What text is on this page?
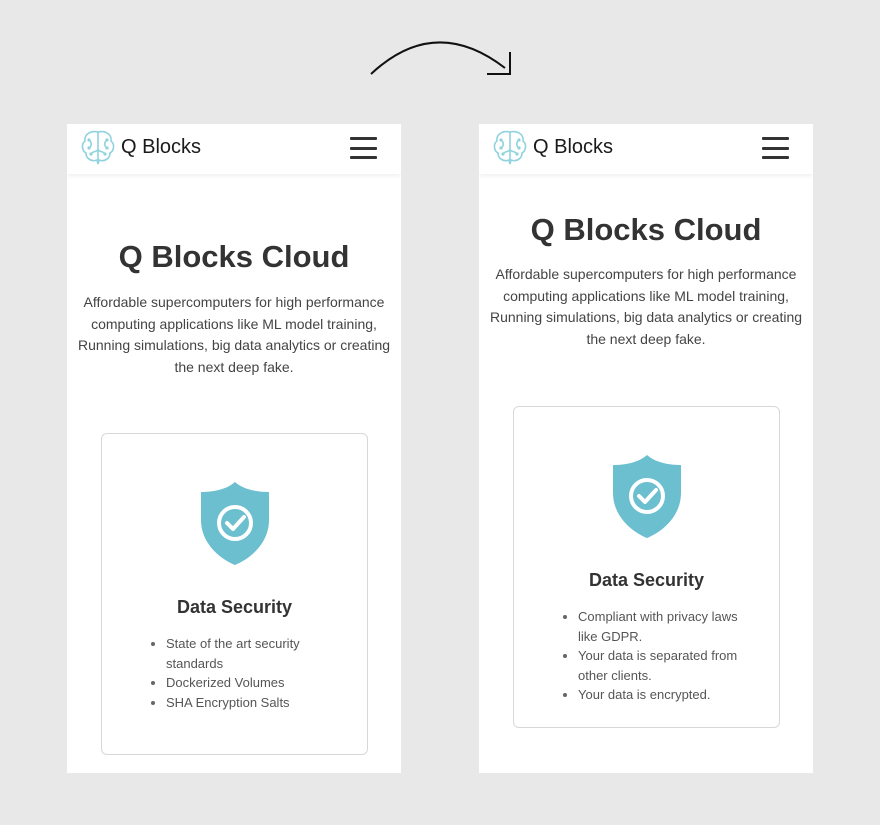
Q Blocks
Q Blocks Cloud

Affordable supercomputers for high performance computing applications like ML model training, Running simulations, big data analytics or creating the next deep fake.

Data Security
• State of the art security standards
• Dockerized Volumes
• SHA Encryption Salts
Q Blocks
Q Blocks Cloud

Affordable supercomputers for high performance computing applications like ML model training, Running simulations, big data analytics or creating the next deep fake.

Data Security
• Compliant with privacy laws like GDPR.
• Your data is separated from other clients.
• Your data is encrypted.
